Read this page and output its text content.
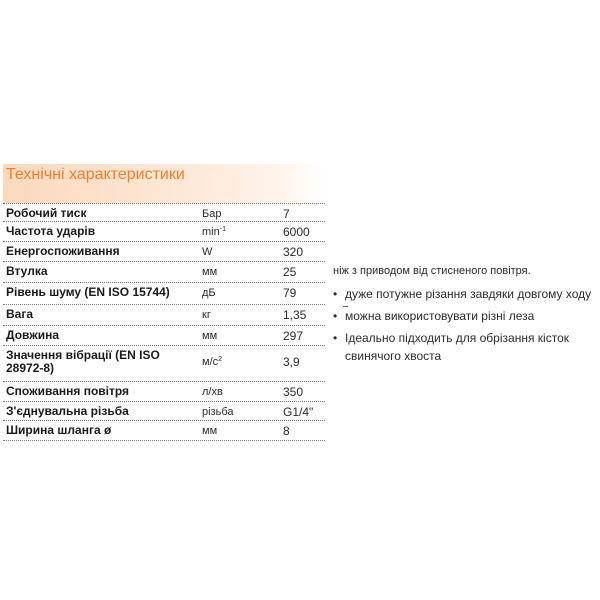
Технічні характеристики
Робочий тиск	Бар	7
Частота ударів	$\min^{-1}$	6000
Енергоспоживання	W	320
Втулка	мм	25
Рівень шуму (EN ISO 15744)	дБ	79
Вага	кг	1,35
Довжина	мм	297
Значення вібрації (EN ISO 28972-8)	$м/с^2$	3,9
Споживання повітря	л/хв	350
З'єднувальна різьба	різьба	G1/4"
Ширина шланга ø	мм	8
ніж з приводом від стисненого повітря.
• дуже потужне різання завдяки довгому ходу
• можна використовувати різні леза
• Ідеально підходить для обрізання кісток свинячого хвоста
